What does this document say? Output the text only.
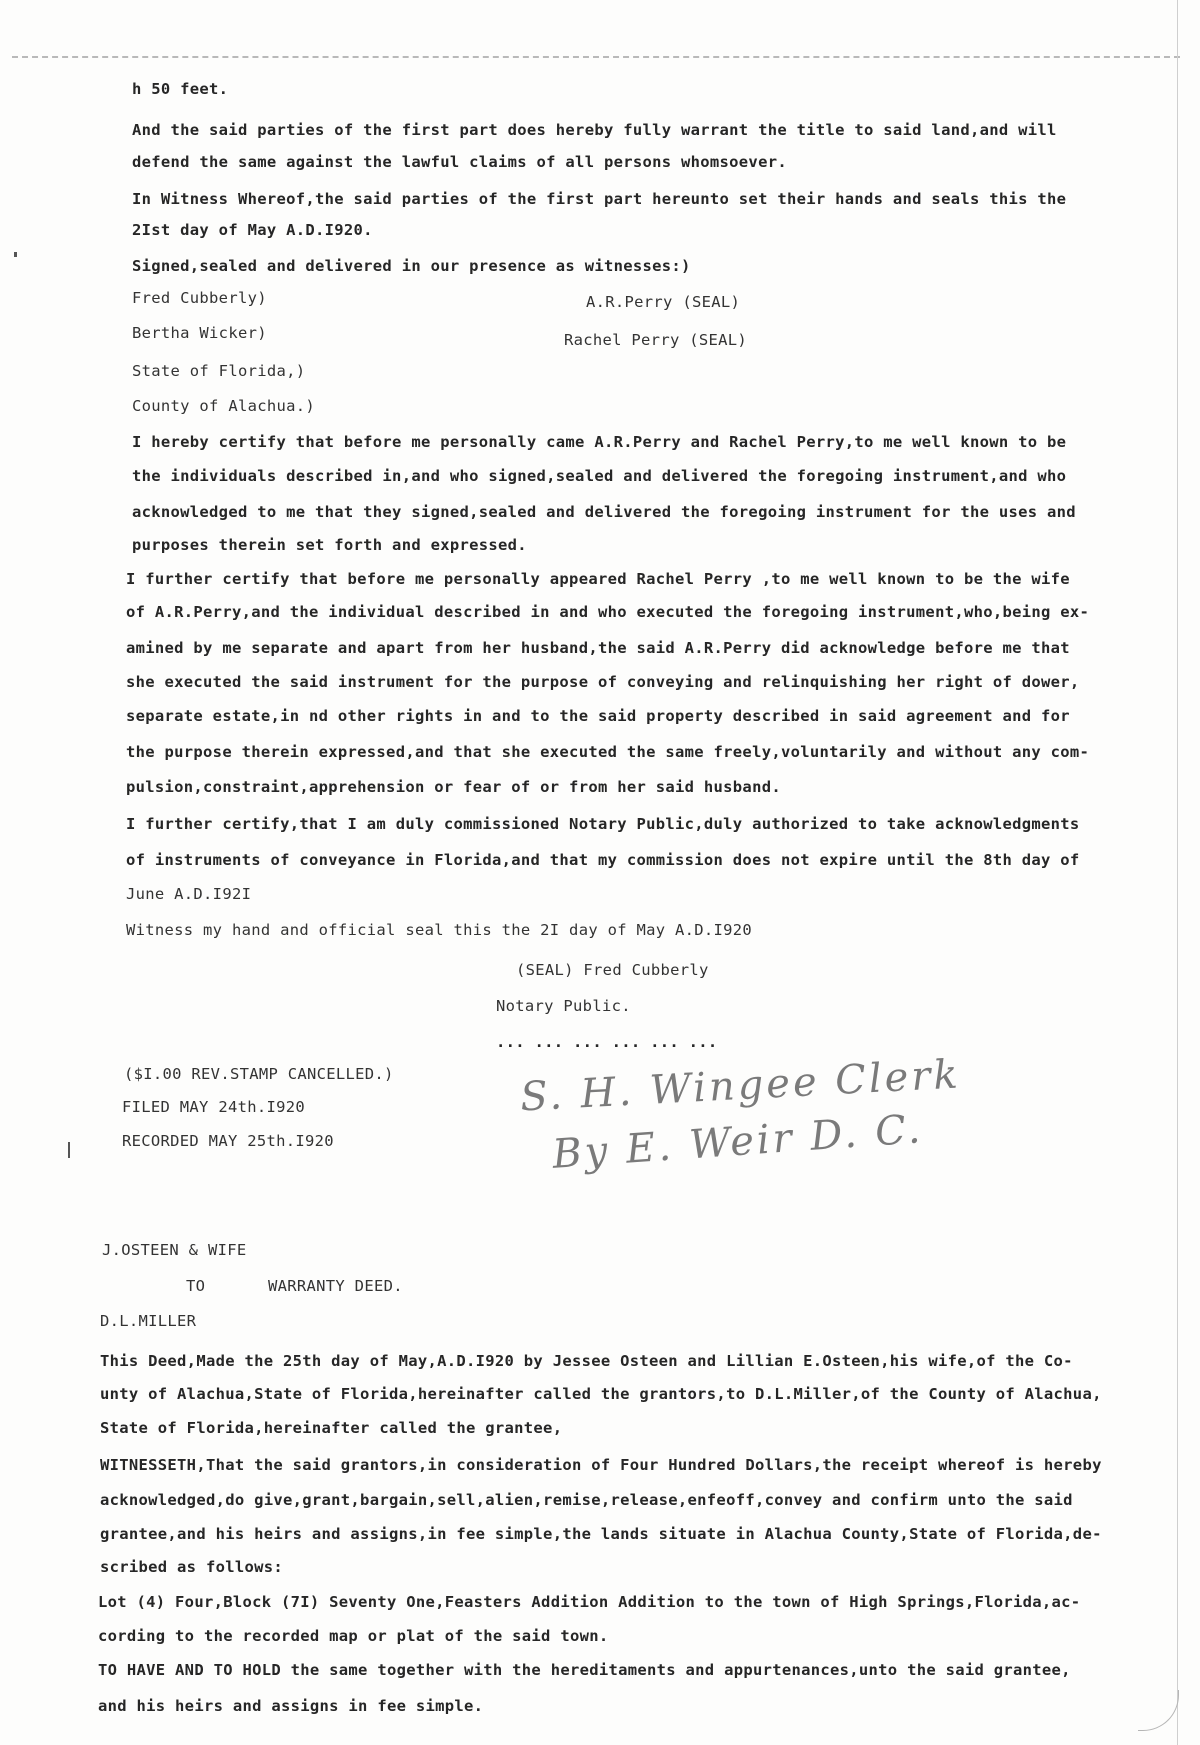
h 50 feet.
And the said parties of the first part does hereby fully warrant the title to said land,and will
defend the same against the lawful claims of all persons whomsoever.
In Witness Whereof,the said parties of the first part hereunto set their hands and seals this the
2Ist day of May A.D.I920.
Signed,sealed and delivered in our presence as witnesses:)
Fred Cubberly)	A.R.Perry (SEAL)
Bertha Wicker)	Rachel Perry (SEAL)
State of Florida,)
County of Alachua.)
I hereby certify that before me personally came A.R.Perry and Rachel Perry,to me well known to be
the individuals described in,and who signed,sealed and delivered the foregoing instrument,and who
acknowledged to me that they signed,sealed and delivered the foregoing instrument for the uses and
purposes therein set forth and expressed.
I further certify that before me personally appeared Rachel Perry ,to me well known to be the wife
of A.R.Perry,and the individual described in and who executed the foregoing instrument,who,being ex-
amined by me separate and apart from her husband,the said A.R.Perry did acknowledge before me that
she executed the said instrument for the purpose of conveying and relinquishing her right of dower,
separate estate,in nd other rights in and to the said property described in said agreement and for
the purpose therein expressed,and that she executed the same freely,voluntarily and without any com-
pulsion,constraint,apprehension or fear of or from her said husband.
I further certify,that I am duly commissioned Notary Public,duly authorized to take acknowledgments
of instruments of conveyance in Florida,and that my commission does not expire until the 8th day of
June A.D.I92I
Witness my hand and official seal this the 2I day of May A.D.I920
(SEAL) Fred Cubberly
Notary Public.
... ... ... ... ... ...
($I.00 REV.STAMP CANCELLED.)
FILED MAY 24th.I920
RECORDED MAY 25th.I920
S. H. Wingee Clerk
By E. Weir D. C.
J.OSTEEN & WIFE
TO	WARRANTY DEED.
D.L.MILLER
This Deed,Made the 25th day of May,A.D.I920 by Jessee Osteen and Lillian E.Osteen,his wife,of the Co-
unty of Alachua,State of Florida,hereinafter called the grantors,to D.L.Miller,of the County of Alachua,
State of Florida,hereinafter called the grantee,
WITNESSETH,That the said grantors,in consideration of Four Hundred Dollars,the receipt whereof is hereby
acknowledged,do give,grant,bargain,sell,alien,remise,release,enfeoff,convey and confirm unto the said
grantee,and his heirs and assigns,in fee simple,the lands situate in Alachua County,State of Florida,de-
scribed as follows:
Lot (4) Four,Block (7I) Seventy One,Feasters Addition Addition to the town of High Springs,Florida,ac-
cording to the recorded map or plat of the said town.
TO HAVE AND TO HOLD the same together with the hereditaments and appurtenances,unto the said grantee,
and his heirs and assigns in fee simple.
